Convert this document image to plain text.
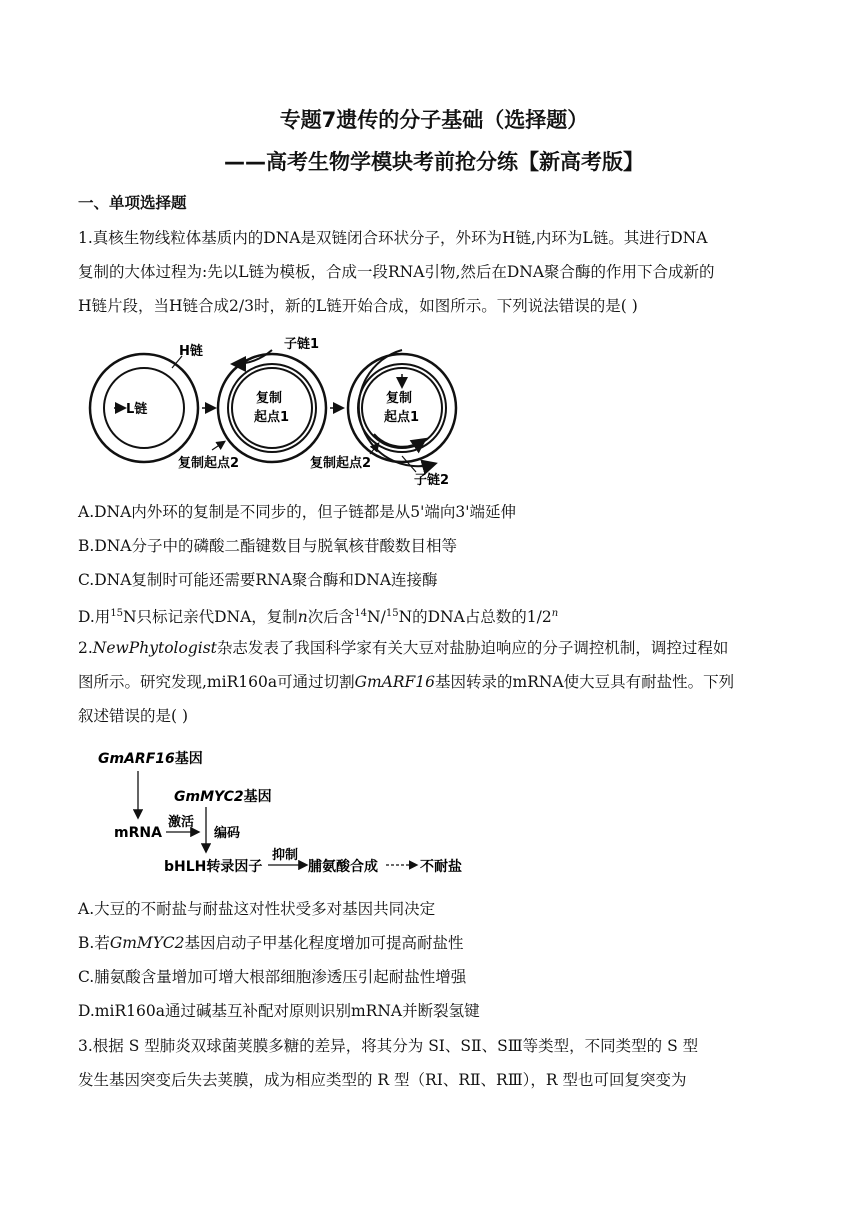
专题7遗传的分子基础（选择题）
——高考生物学模块考前抢分练【新高考版】
一、单项选择题
1.真核生物线粒体基质内的DNA是双链闭合环状分子，外环为H链,内环为L链。其进行DNA
复制的大体过程为:先以L链为模板，合成一段RNA引物,然后在DNA聚合酶的作用下合成新的
H链片段，当H链合成2/3时，新的L链开始合成，如图所示。下列说法错误的是( )
H链
L链
复制
起点1
子链1
复制起点2
复制
起点1
复制起点2
子链2
A.DNA内外环的复制是不同步的，但子链都是从5'端向3'端延伸
B.DNA分子中的磷酸二酯键数目与脱氧核苷酸数目相等
C.DNA复制时可能还需要RNA聚合酶和DNA连接酶
D.用$^{15}$N只标记亲代DNA，复制n次后含$^{14}$N/$^{15}$N的DNA占总数的1/2$^n$
2.NewPhytologist杂志发表了我国科学家有关大豆对盐胁迫响应的分子调控机制，调控过程如
图所示。研究发现,miR160a可通过切割GmARF16基因转录的mRNA使大豆具有耐盐性。下列
叙述错误的是( )
GmARF16基因
GmMYC2基因
mRNA
激活
编码
bHLH转录因子
抑制
脯氨酸合成	不耐盐
A.大豆的不耐盐与耐盐这对性状受多对基因共同决定
B.若GmMYC2基因启动子甲基化程度增加可提高耐盐性
C.脯氨酸含量增加可增大根部细胞渗透压引起耐盐性增强
D.miR160a通过碱基互补配对原则识别mRNA并断裂氢键
3.根据 S 型肺炎双球菌荚膜多糖的差异，将其分为 SⅠ、SⅡ、SⅢ等类型，不同类型的 S 型
发生基因突变后失去荚膜，成为相应类型的 R 型（RⅠ、RⅡ、RⅢ），R 型也可回复突变为
